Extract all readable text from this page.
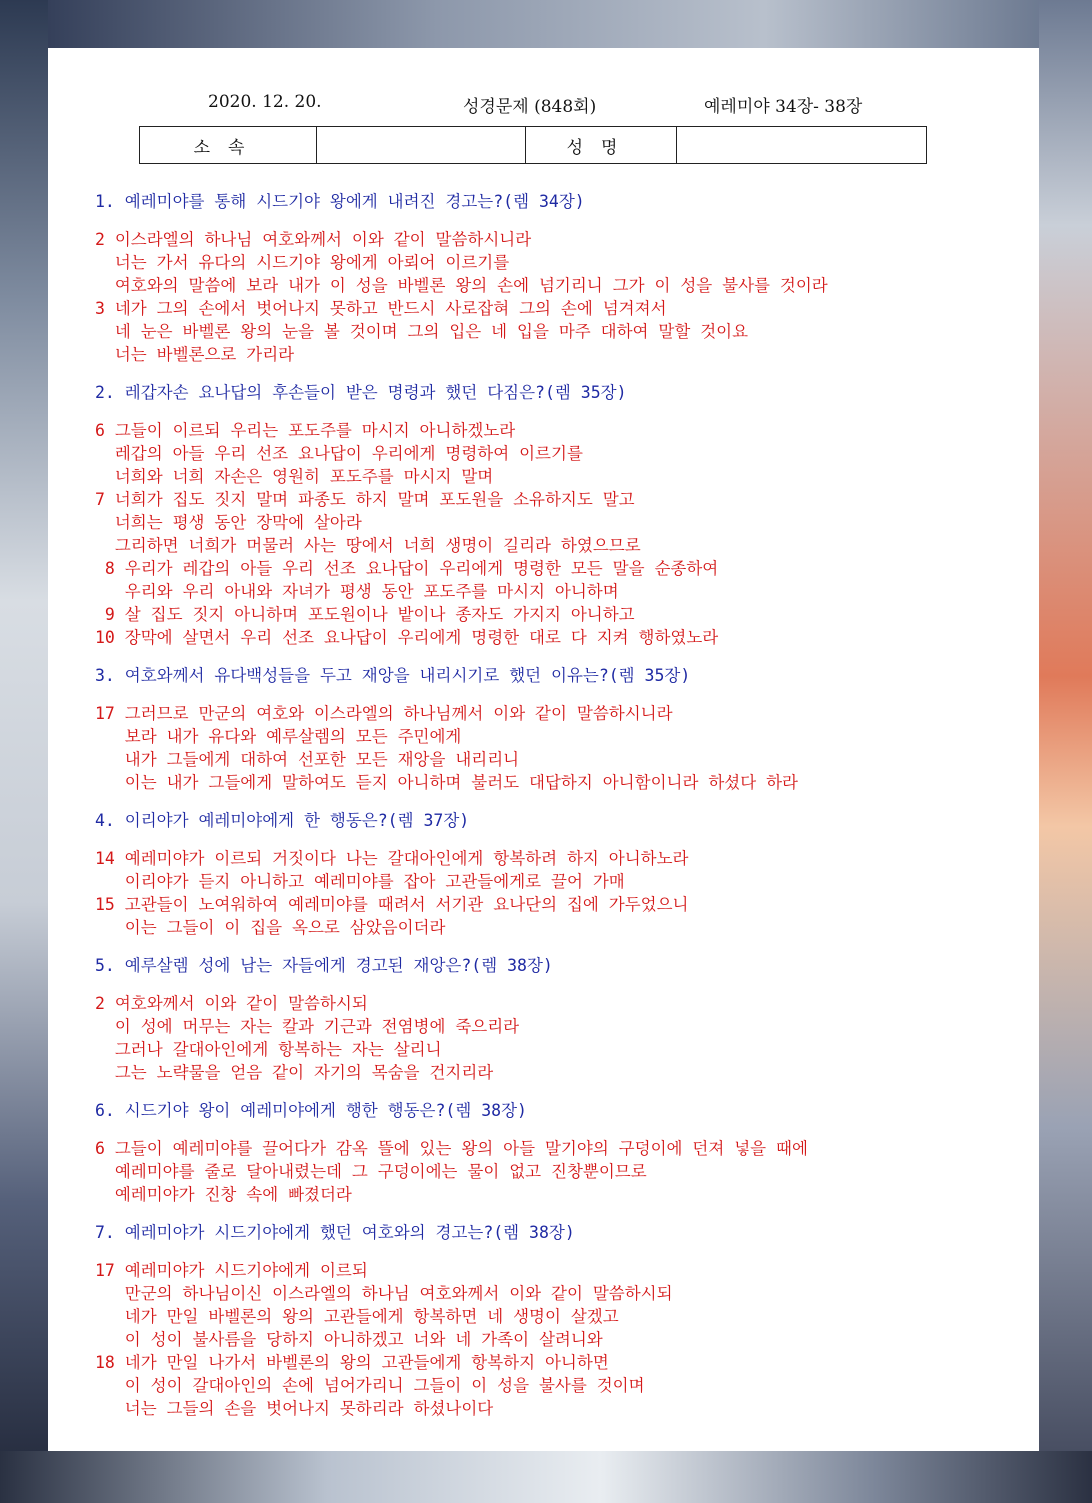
2020. 12. 20.	성경문제 (848회)	예레미야 34장- 38장
소속		성명	
1. 예레미야를 통해 시드기야 왕에게 내려진 경고는?(렘 34장)
2 이스라엘의 하나님 여호와께서 이와 같이 말씀하시니라
너는 가서 유다의 시드기야 왕에게 아뢰어 이르기를
여호와의 말씀에 보라 내가 이 성을 바벨론 왕의 손에 넘기리니 그가 이 성을 불사를 것이라
3 네가 그의 손에서 벗어나지 못하고 반드시 사로잡혀 그의 손에 넘겨져서
네 눈은 바벨론 왕의 눈을 볼 것이며 그의 입은 네 입을 마주 대하여 말할 것이요
너는 바벨론으로 가리라
2. 레갑자손 요나답의 후손들이 받은 명령과 했던 다짐은?(렘 35장)
6 그들이 이르되 우리는 포도주를 마시지 아니하겠노라
레갑의 아들 우리 선조 요나답이 우리에게 명령하여 이르기를
너희와 너희 자손은 영원히 포도주를 마시지 말며
7 너희가 집도 짓지 말며 파종도 하지 말며 포도원을 소유하지도 말고
너희는 평생 동안 장막에 살아라
그리하면 너희가 머물러 사는 땅에서 너희 생명이 길리라 하였으므로
8 우리가 레갑의 아들 우리 선조 요나답이 우리에게 명령한 모든 말을 순종하여
우리와 우리 아내와 자녀가 평생 동안 포도주를 마시지 아니하며
9 살 집도 짓지 아니하며 포도원이나 밭이나 종자도 가지지 아니하고
10 장막에 살면서 우리 선조 요나답이 우리에게 명령한 대로 다 지켜 행하였노라
3. 여호와께서 유다백성들을 두고 재앙을 내리시기로 했던 이유는?(렘 35장)
17 그러므로 만군의 여호와 이스라엘의 하나님께서 이와 같이 말씀하시니라
보라 내가 유다와 예루살렘의 모든 주민에게
내가 그들에게 대하여 선포한 모든 재앙을 내리리니
이는 내가 그들에게 말하여도 듣지 아니하며 불러도 대답하지 아니함이니라 하셨다 하라
4. 이리야가 예레미야에게 한 행동은?(렘 37장)
14 예레미야가 이르되 거짓이다 나는 갈대아인에게 항복하려 하지 아니하노라
이리야가 듣지 아니하고 예레미야를 잡아 고관들에게로 끌어 가매
15 고관들이 노여워하여 예레미야를 때려서 서기관 요나단의 집에 가두었으니
이는 그들이 이 집을 옥으로 삼았음이더라
5. 예루살렘 성에 남는 자들에게 경고된 재앙은?(렘 38장)
2 여호와께서 이와 같이 말씀하시되
이 성에 머무는 자는 칼과 기근과 전염병에 죽으리라
그러나 갈대아인에게 항복하는 자는 살리니
그는 노략물을 얻음 같이 자기의 목숨을 건지리라
6. 시드기야 왕이 예레미야에게 행한 행동은?(렘 38장)
6 그들이 예레미야를 끌어다가 감옥 뜰에 있는 왕의 아들 말기야의 구덩이에 던져 넣을 때에
예레미야를 줄로 달아내렸는데 그 구덩이에는 물이 없고 진창뿐이므로
예레미야가 진창 속에 빠졌더라
7. 예레미야가 시드기야에게 했던 여호와의 경고는?(렘 38장)
17 예레미야가 시드기야에게 이르되
만군의 하나님이신 이스라엘의 하나님 여호와께서 이와 같이 말씀하시되
네가 만일 바벨론의 왕의 고관들에게 항복하면 네 생명이 살겠고
이 성이 불사름을 당하지 아니하겠고 너와 네 가족이 살려니와
18 네가 만일 나가서 바벨론의 왕의 고관들에게 항복하지 아니하면
이 성이 갈대아인의 손에 넘어가리니 그들이 이 성을 불사를 것이며
너는 그들의 손을 벗어나지 못하리라 하셨나이다
